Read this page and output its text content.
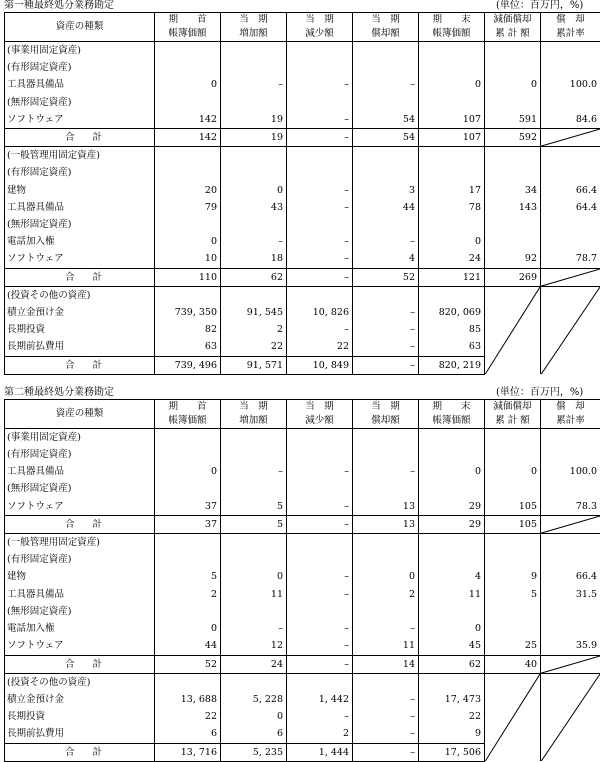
第一種最終処分業務勘定	(単位：百万円，%)
資産の種類	期　　首	当　期	当　期	当　期	期　　末	減価償却	償　却
	帳簿価額	増加額	減少額	償却額	帳簿価額	累 計 額	累計率
(事業用固定資産)							
(有形固定資産)							
工具器具備品	0	–	–	–	0	0	100.0
(無形固定資産)							
ソフトウェア	142	19	–	54	107	591	84.6
合計	142	19	–	54	107	592	

(一般管理用固定資産)							
(有形固定資産)							
建物	20	0	–	3	17	34	66.4
工具器具備品	79	43	–	44	78	143	64.4
(無形固定資産)							
電話加入権	0	–	–	–	0		
ソフトウェア	10	18	–	4	24	92	78.7
合計	110	62	–	52	121	269	

(投資その他の資産)						

積立金預け金	739, 350	91, 545	10, 826	–	820, 069		
長期投資	82	2	–	–	85		
長期前払費用	63	22	22	–	63		
合計	739, 496	91, 571	10, 849	–	820, 219		
第二種最終処分業務勘定	(単位：百万円，%)
資産の種類	期　　首	当　期	当　期	当　期	期　　末	減価償却	償　却
	帳簿価額	増加額	減少額	償却額	帳簿価額	累 計 額	累計率
(事業用固定資産)							
(有形固定資産)							
工具器具備品	0	–	–	–	0	0	100.0
(無形固定資産)							
ソフトウェア	37	5	–	13	29	105	78.3
合計	37	5	–	13	29	105	

(一般管理用固定資産)							
(有形固定資産)							
建物	5	0	–	0	4	9	66.4
工具器具備品	2	11	–	2	11	5	31.5
(無形固定資産)							
電話加入権	0	–	–	–	0		
ソフトウェア	44	12	–	11	45	25	35.9
合計	52	24	–	14	62	40	

(投資その他の資産)						

積立金預け金	13, 688	5, 228	1, 442	–	17, 473		
長期投資	22	0	–	–	22		
長期前払費用	6	6	2	–	9		
合計	13, 716	5, 235	1, 444	–	17, 506		
